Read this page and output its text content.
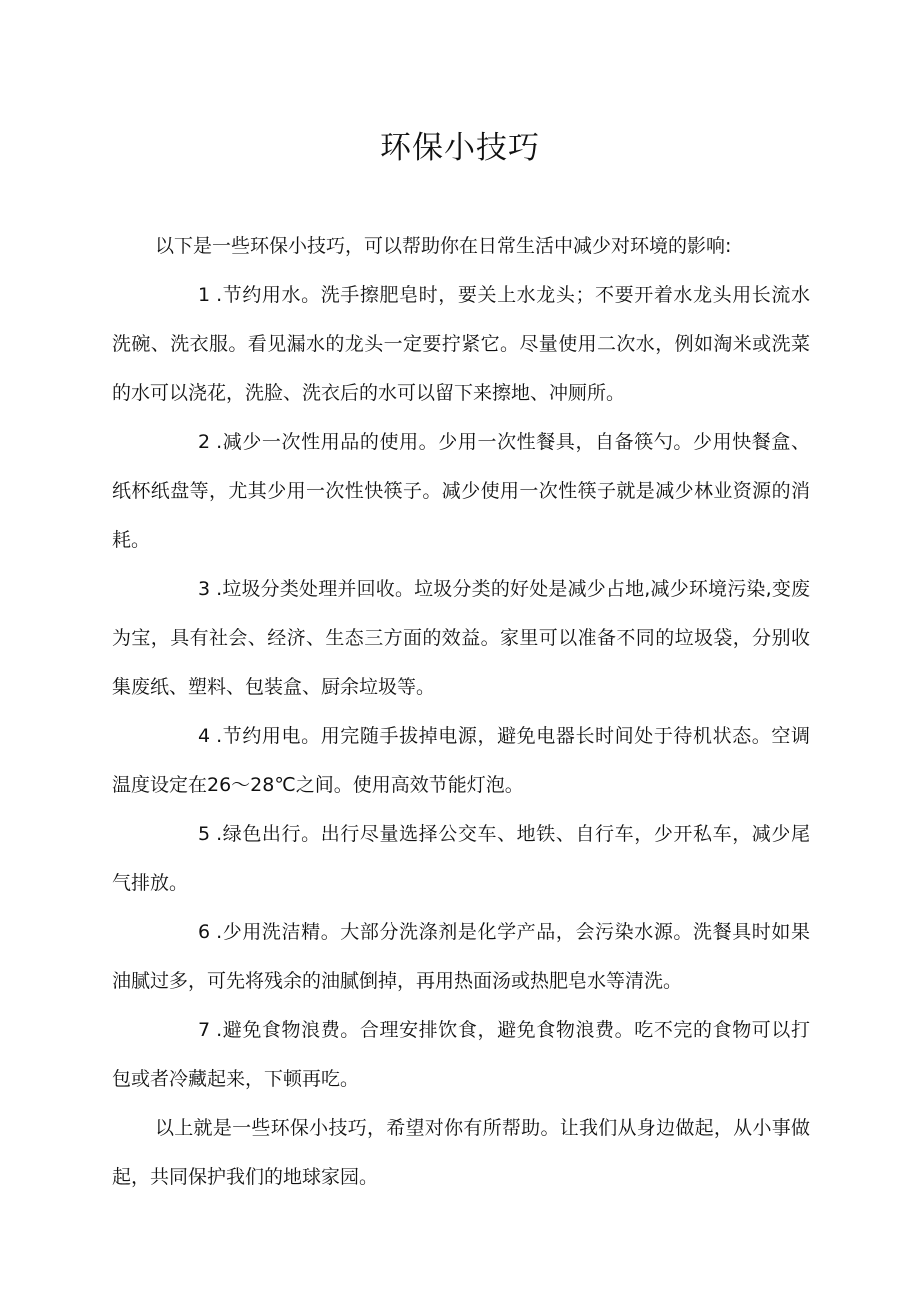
环保小技巧

以下是一些环保小技巧，可以帮助你在日常生活中减少对环境的影响:

1 .节约用水。洗手擦肥皂时，要关上水龙头；不要开着水龙头用长流水洗碗、洗衣服。看见漏水的龙头一定要拧紧它。尽量使用二次水，例如淘米或洗菜的水可以浇花，洗脸、洗衣后的水可以留下来擦地、冲厕所。

2 .减少一次性用品的使用。少用一次性餐具，自备筷勺。少用快餐盒、纸杯纸盘等，尤其少用一次性快筷子。减少使用一次性筷子就是减少林业资源的消耗。

3 .垃圾分类处理并回收。垃圾分类的好处是减少占地,减少环境污染,变废为宝，具有社会、经济、生态三方面的效益。家里可以准备不同的垃圾袋，分别收集废纸、塑料、包装盒、厨余垃圾等。

4 .节约用电。用完随手拔掉电源，避免电器长时间处于待机状态。空调温度设定在26～28℃之间。使用高效节能灯泡。

5 .绿色出行。出行尽量选择公交车、地铁、自行车，少开私车，减少尾气排放。

6 .少用洗洁精。大部分洗涤剂是化学产品，会污染水源。洗餐具时如果油腻过多，可先将残余的油腻倒掉，再用热面汤或热肥皂水等清洗。

7 .避免食物浪费。合理安排饮食，避免食物浪费。吃不完的食物可以打包或者冷藏起来，下顿再吃。

以上就是一些环保小技巧，希望对你有所帮助。让我们从身边做起，从小事做起，共同保护我们的地球家园。
